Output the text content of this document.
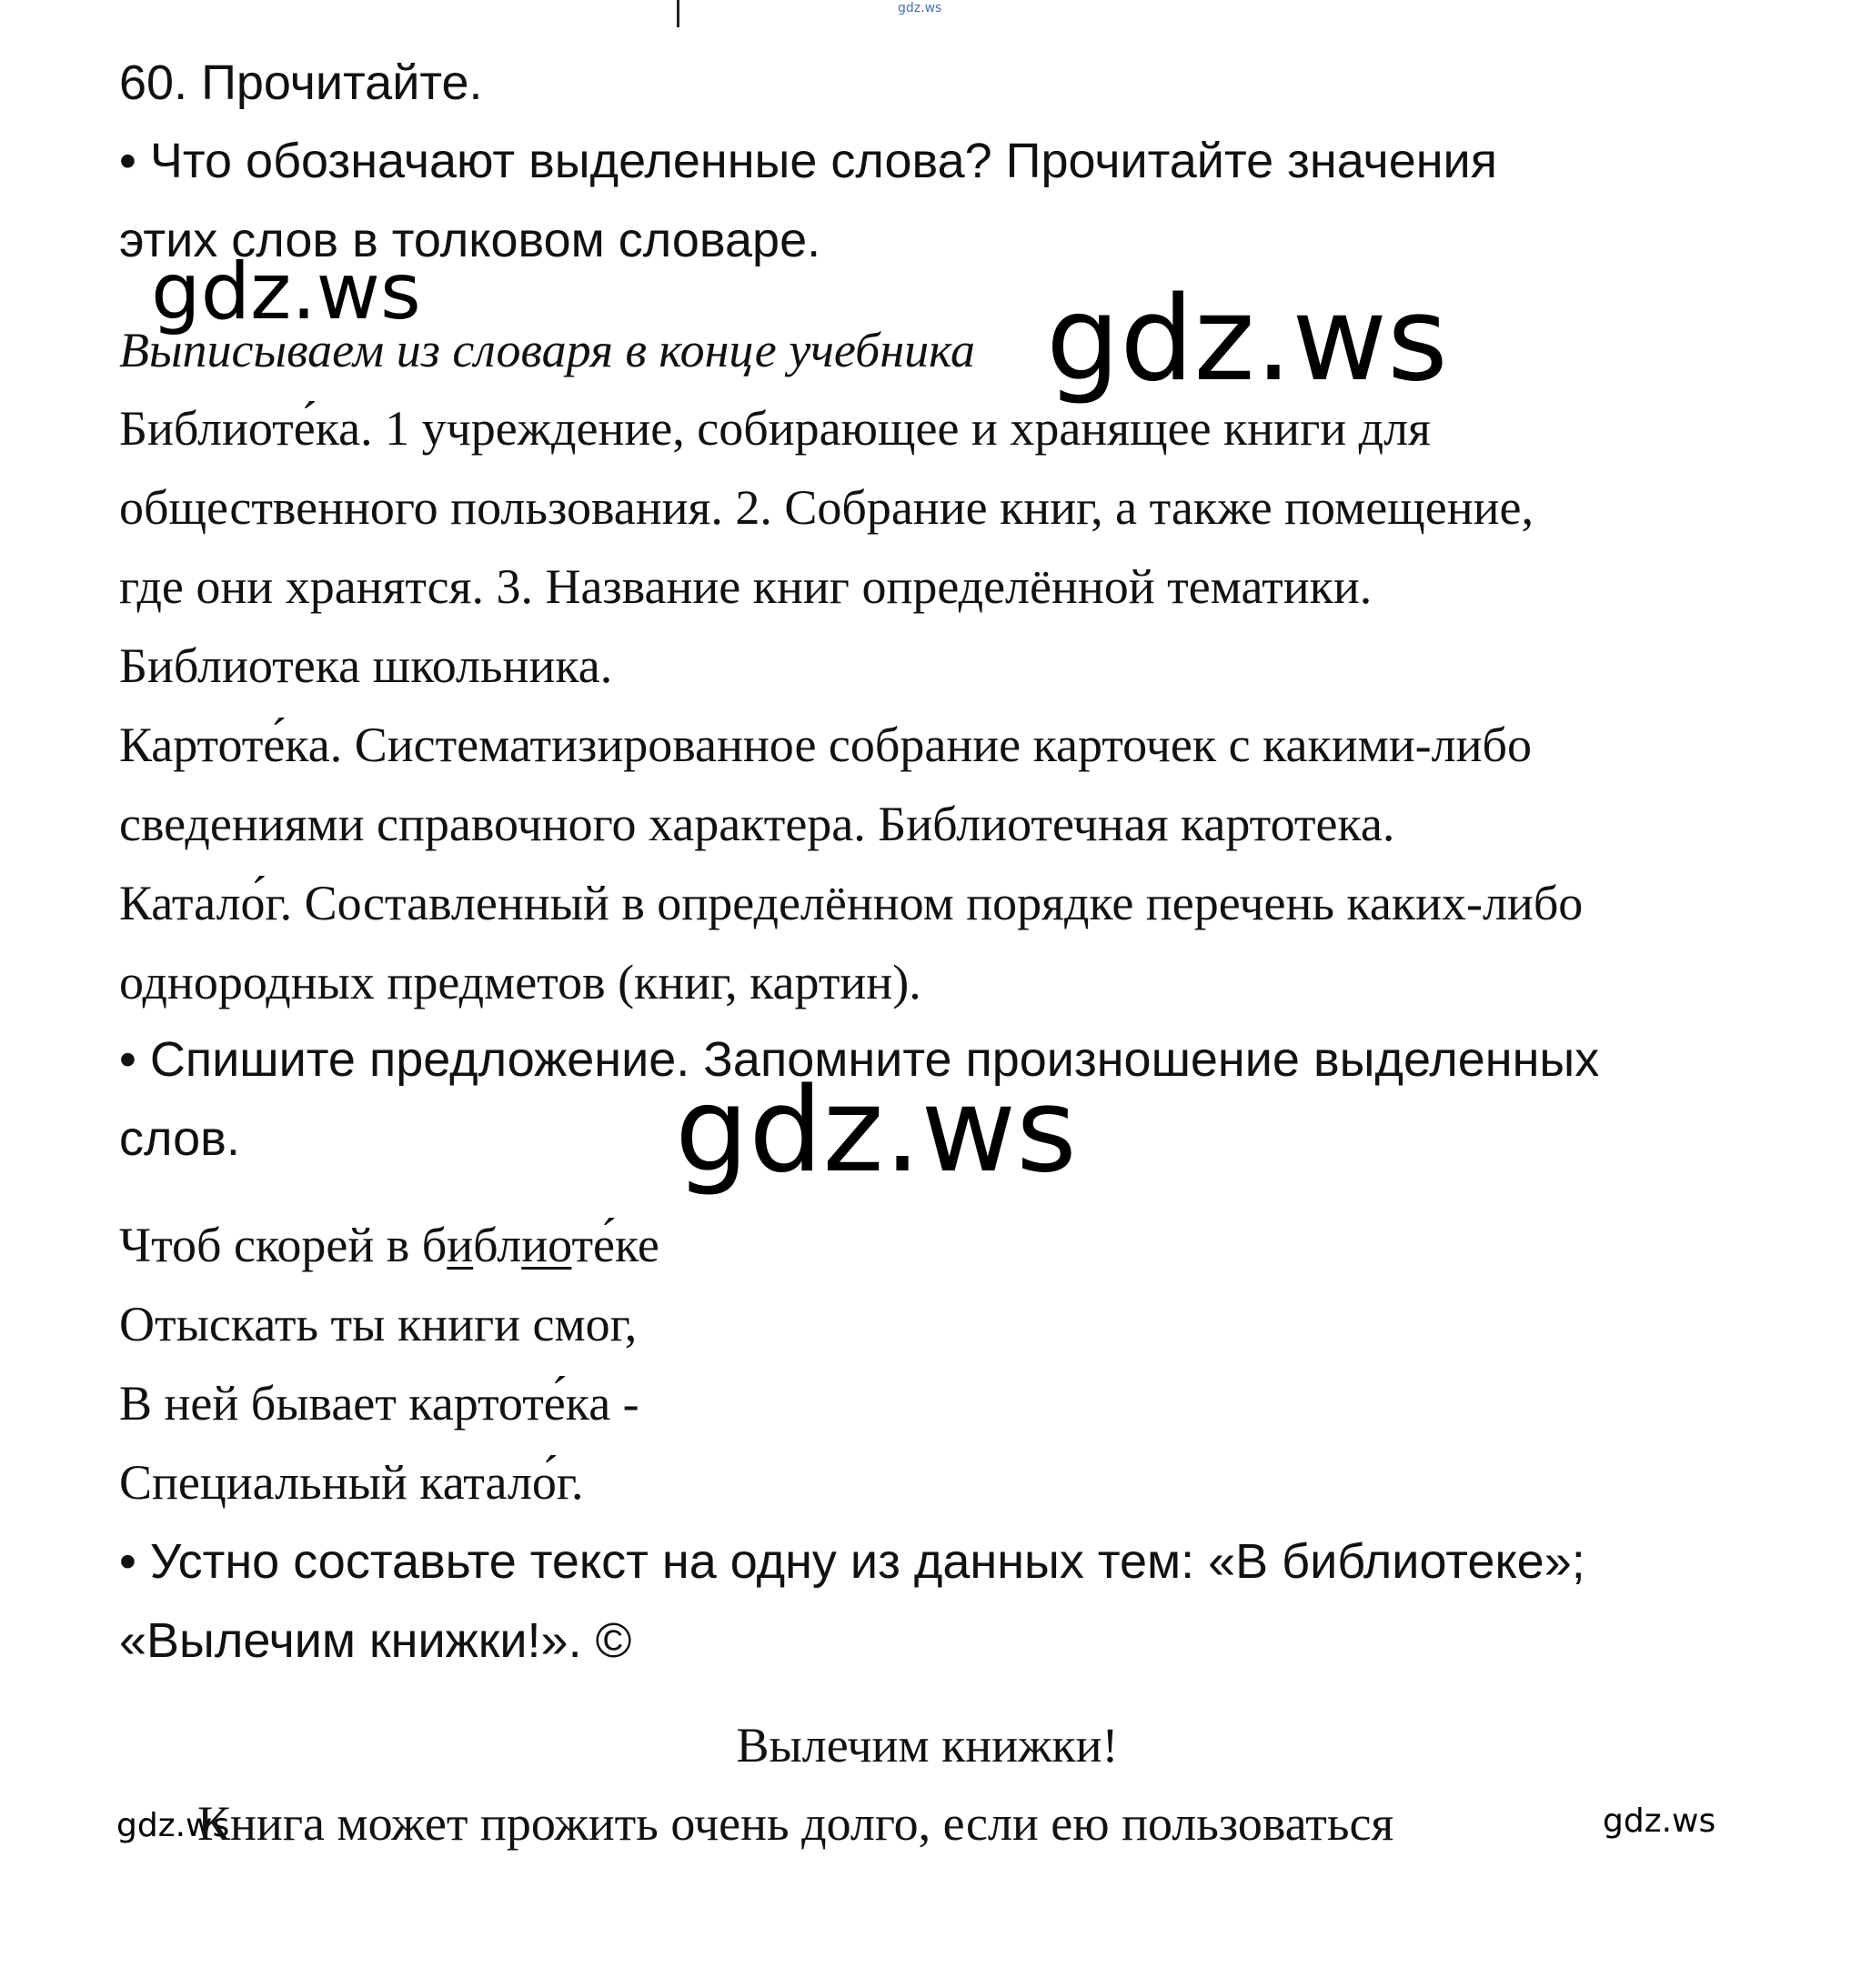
gdz.ws
60. Прочитайте.
• Что обозначают выделенные слова? Прочитайте значения
этих слов в толковом словаре.
gdz.ws
Выписываем из словаря в конце учебника gdz.ws
Библиоте́ка. 1 учреждение, собирающее и хранящее книги для
общественного пользования. 2. Собрание книг, а также помещение,
где они хранятся. 3. Название книг определённой тематики.
Библиотека школьника.
Картоте́ка. Систематизированное собрание карточек с какими-либо
сведениями справочного характера. Библиотечная картотека.
Катало́г. Составленный в определённом порядке перечень каких-либо
однородных предметов (книг, картин).
• Спишите предложение. Запомните произношение выделенных
слов.	gdz.ws
Чтоб скорей в библиоте́ке
Отыскать ты книги смог,
В ней бывает картоте́ка -
Специальный катало́г.
• Устно составьте текст на одну из данных тем: «В библиотеке»;
«Вылечим книжки!». ©
Вылечим книжки!
gdz.ws
Книга может прожить очень долго, если ею пользоваться	gdz.ws
